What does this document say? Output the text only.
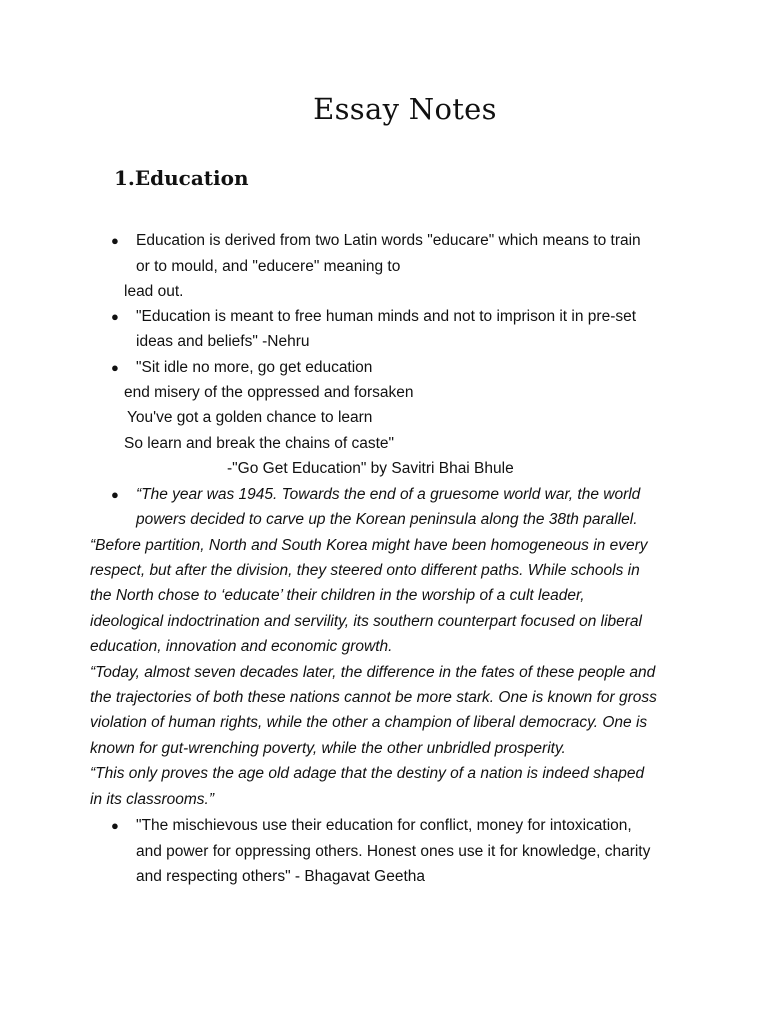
Essay Notes
1.Education
● Education is derived from two Latin words "educare" which means to train

or to mould, and "educere" meaning to

lead out.

● "Education is meant to free human minds and not to imprison it in pre-set

ideas and beliefs" -Nehru

● "Sit idle no more, go get education

end misery of the oppressed and forsaken

You've got a golden chance to learn

So learn and break the chains of caste"

-"Go Get Education" by Savitri Bhai Bhule

● “The year was 1945. Towards the end of a gruesome world war, the world

powers decided to carve up the Korean peninsula along the 38th parallel.

“Before partition, North and South Korea might have been homogeneous in every

respect, but after the division, they steered onto different paths. While schools in

the North chose to ‘educate’ their children in the worship of a cult leader,

ideological indoctrination and servility, its southern counterpart focused on liberal

education, innovation and economic growth.

“Today, almost seven decades later, the difference in the fates of these people and

the trajectories of both these nations cannot be more stark. One is known for gross

violation of human rights, while the other a champion of liberal democracy. One is

known for gut-wrenching poverty, while the other unbridled prosperity.

“This only proves the age old adage that the destiny of a nation is indeed shaped

in its classrooms.”

● "The mischievous use their education for conflict, money for intoxication,

and power for oppressing others. Honest ones use it for knowledge, charity

and respecting others" - Bhagavat Geetha
